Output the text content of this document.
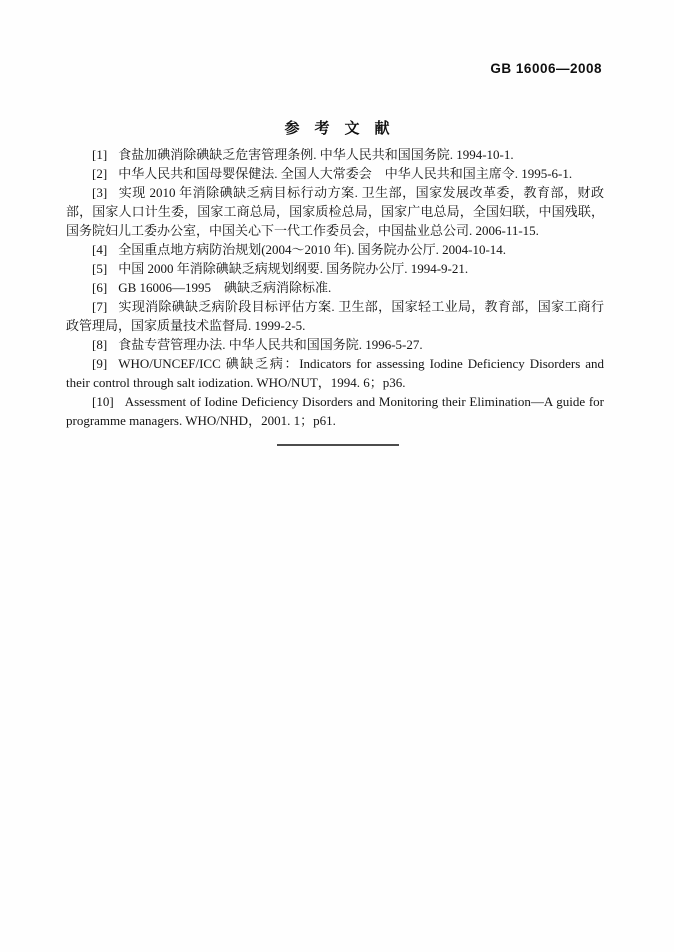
GB 16006—2008
参　考　文　献

[1] 食盐加碘消除碘缺乏危害管理条例. 中华人民共和国国务院. 1994-10-1.

[2] 中华人民共和国母婴保健法. 全国人大常委会　中华人民共和国主席令. 1995-6-1.

[3] 实现 2010 年消除碘缺乏病目标行动方案. 卫生部，国家发展改革委，教育部，财政部，国家人口计生委，国家工商总局，国家质检总局，国家广电总局，全国妇联，中国残联，国务院妇儿工委办公室，中国关心下一代工作委员会，中国盐业总公司. 2006-11-15.

[4] 全国重点地方病防治规划(2004～2010 年). 国务院办公厅. 2004-10-14.

[5] 中国 2000 年消除碘缺乏病规划纲要. 国务院办公厅. 1994-9-21.

[6] GB 16006—1995　碘缺乏病消除标准.

[7] 实现消除碘缺乏病阶段目标评估方案. 卫生部，国家轻工业局，教育部，国家工商行政管理局，国家质量技术监督局. 1999-2-5.

[8] 食盐专营管理办法. 中华人民共和国国务院. 1996-5-27.

[9] WHO/UNCEF/ICC 碘缺乏病：Indicators for assessing Iodine Deficiency Disorders and their control through salt iodization. WHO/NUT，1994. 6；p36.

[10] Assessment of Iodine Deficiency Disorders and Monitoring their Elimination—A guide for programme managers. WHO/NHD，2001. 1；p61.
